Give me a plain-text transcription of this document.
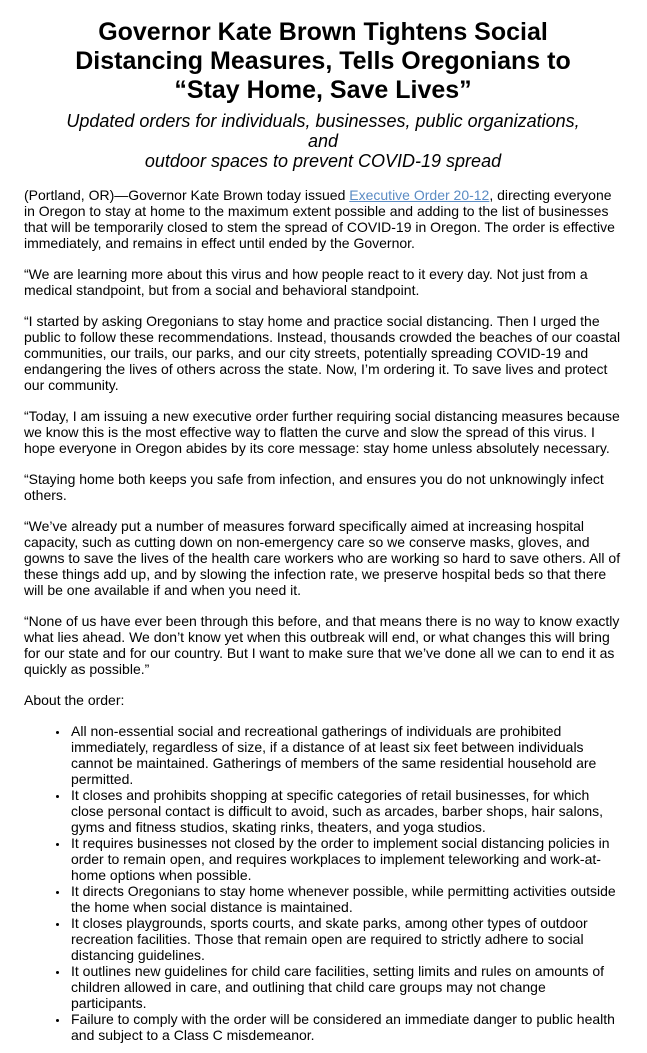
Governor Kate Brown Tightens Social
Distancing Measures, Tells Oregonians to
“Stay Home, Save Lives”
Updated orders for individuals, businesses, public organizations, and
outdoor spaces to prevent COVID-19 spread

(Portland, OR)—Governor Kate Brown today issued Executive Order 20-12, directing everyone in Oregon to stay at home to the maximum extent possible and adding to the list of businesses that will be temporarily closed to stem the spread of COVID-19 in Oregon. The order is effective immediately, and remains in effect until ended by the Governor.

“We are learning more about this virus and how people react to it every day. Not just from a medical standpoint, but from a social and behavioral standpoint.

“I started by asking Oregonians to stay home and practice social distancing. Then I urged the public to follow these recommendations. Instead, thousands crowded the beaches of our coastal communities, our trails, our parks, and our city streets, potentially spreading COVID-19 and endangering the lives of others across the state. Now, I’m ordering it. To save lives and protect our community.

“Today, I am issuing a new executive order further requiring social distancing measures because we know this is the most effective way to flatten the curve and slow the spread of this virus. I hope everyone in Oregon abides by its core message: stay home unless absolutely necessary.

“Staying home both keeps you safe from infection, and ensures you do not unknowingly infect others.

“We’ve already put a number of measures forward specifically aimed at increasing hospital capacity, such as cutting down on non-emergency care so we conserve masks, gloves, and gowns to save the lives of the health care workers who are working so hard to save others. All of these things add up, and by slowing the infection rate, we preserve hospital beds so that there will be one available if and when you need it.

“None of us have ever been through this before, and that means there is no way to know exactly what lies ahead. We don’t know yet when this outbreak will end, or what changes this will bring for our state and for our country. But I want to make sure that we’ve done all we can to end it as quickly as possible.”

About the order:

• All non-essential social and recreational gatherings of individuals are prohibited immediately, regardless of size, if a distance of at least six feet between individuals cannot be maintained. Gatherings of members of the same residential household are permitted.
• It closes and prohibits shopping at specific categories of retail businesses, for which close personal contact is difficult to avoid, such as arcades, barber shops, hair salons, gyms and fitness studios, skating rinks, theaters, and yoga studios.
• It requires businesses not closed by the order to implement social distancing policies in order to remain open, and requires workplaces to implement teleworking and work-at-home options when possible.
• It directs Oregonians to stay home whenever possible, while permitting activities outside the home when social distance is maintained.
• It closes playgrounds, sports courts, and skate parks, among other types of outdoor recreation facilities. Those that remain open are required to strictly adhere to social distancing guidelines.
• It outlines new guidelines for child care facilities, setting limits and rules on amounts of children allowed in care, and outlining that child care groups may not change participants.
• Failure to comply with the order will be considered an immediate danger to public health and subject to a Class C misdemeanor.
